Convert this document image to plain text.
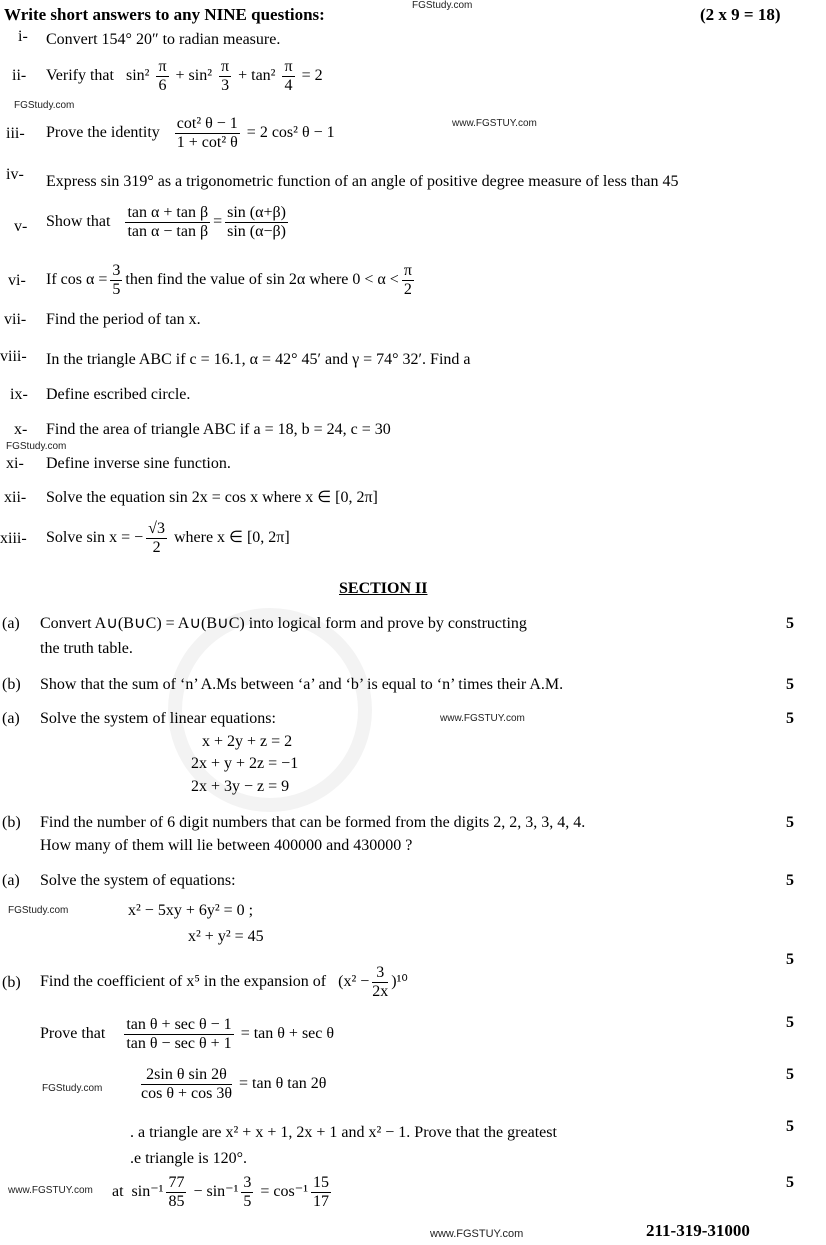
Write short answers to any NINE questions:	FGStudy.com	(2 x 9 = 18)
i- Convert 154° 20″ to radian measure.
ii- Verify that $\sin^2 \frac{\pi}{6} + \sin^2 \frac{\pi}{3} + \tan^2 \frac{\pi}{4} = 2$
FGStudy.com
iii- Prove the identity $\frac{\text{cot² θ − 1}}{\text{1 + cot² θ}} = 2$ cos² θ − 1
www.FGSTUY.com
iv- Express sin 319° as a trigonometric function of an angle of positive degree measure of less than 45
v- Show that $\frac{\text{tan α + tan β}}{\text{tan α − tan β}} = \frac{\sin (\alpha+\beta)}{\sin (\alpha-\beta)}$
vi- If $\cos \alpha = \frac{3}{5}$ then find the value of sin 2α where $0 < \alpha < \frac{\pi}{2}$
vii- Find the period of tan x.
viii- In the triangle ABC if c = 16.1, α = 42° 45′ and γ = 74° 32′. Find a
ix- Define escribed circle.
x- Find the area of triangle ABC if a = 18, b = 24, c = 30
FGStudy.com
xi- Define inverse sine function.
xii- Solve the equation sin 2x = cos x where x ∈ [0, 2π]
xiii- Solve sin x = − $\frac{√3}{2}$ where x ∈ [0, 2π]
SECTION II
(a) Convert A∪(B∪C) = A∪(B∪C) into logical form and prove by constructing
the truth table.
5
(b) Show that the sum of ‘n’ A.Ms between ‘a’ and ‘b’ is equal to ‘n’ times their A.M.	5
(a) Solve the system of linear equations:	www.FGSTUY.com	5
x + 2y + z = 2
2x + y + 2z = −1
2x + 3y − z = 9
(b) Find the number of 6 digit numbers that can be formed from the digits 2, 2, 3, 3, 4, 4.
How many of them will lie between 400000 and 430000 ?
5
(a) Solve the system of equations:	5
FGStudy.com	x² − 5xy + 6y² = 0 ;
x² + y² = 45
(b) Find the coefficient of x⁵ in the expansion of $(x^2 - \frac{3}{2x} )^{10}$
5
Prove that $\frac{\text{tan θ + sec θ − 1}}{\text{tan θ − sec θ + 1}} = \tan \theta + \sec \theta$
5
FGStudy.com $\frac{\text{2sin θ sin 2θ}}{\text{cos θ + cos 3θ}} = \tan \theta$ tan 2θ
5
. a triangle are x² + x + 1, 2x + 1 and x² − 1. Prove that the greatest
.e triangle is 120°.
5
www.FGSTUY.com at $\sin^{-1} \frac{77}{85} - \sin^{-1} \frac{3}{5} = \cos^{-1} \frac{15}{17}$	5
211-319-31000
www.FGSTUY.com
